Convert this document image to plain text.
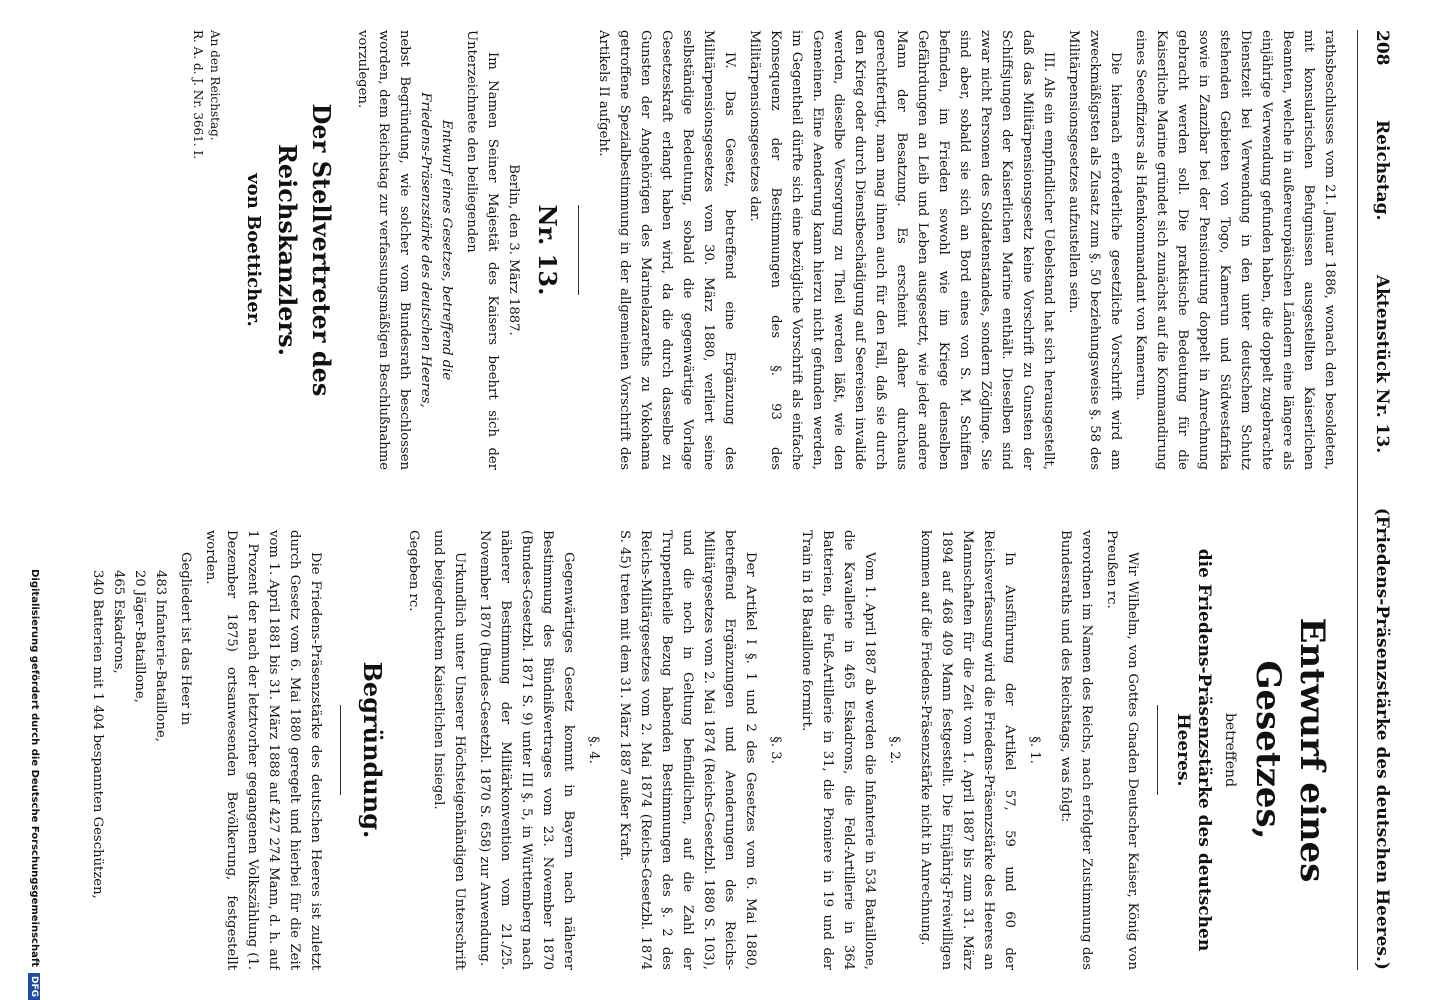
208
Reichstag.
Aktenstück Nr. 13.
(Friedens-Präsenzstärke des deutschen Heeres.)

rathsbeschlusses vom 21. Januar 1886, wonach den besoldeten, mit konsularischen Befugnissen ausgestellten Kaiserlichen Beamten, welche in außereuropäischen Ländern eine längere als einjährige Verwendung gefunden haben, die doppelt zugebrachte Dienstzeit bei Verwendung in den unter deutschem Schutz stehenden Gebieten von Togo, Kamerun und Südwestafrika sowie in Zanzibar bei der Pensionirung doppelt in Anrechnung gebracht werden soll. Die praktische Bedeutung für die Kaiserliche Marine gründet sich zunächst auf die Kommandirung eines Seeoffiziers als Hafenkommandant von Kamerun.

Die hiernach erforderliche gesetzliche Vorschrift wird am zweckmäßigsten als Zusatz zum §. 50 beziehungsweise §. 58 des Militärpensionsgesetzes aufzustellen sein.

III. Als ein empfindlicher Uebelstand hat sich herausgestellt, daß das Militärpensionsgesetz keine Vorschrift zu Gunsten der Schiffsjungen der Kaiserlichen Marine enthält. Dieselben sind zwar nicht Personen des Soldatenstandes, sondern Zöglinge. Sie sind aber, sobald sie sich an Bord eines von S. M. Schiffen befinden, im Frieden sowohl wie im Kriege denselben Gefährdungen an Leib und Leben ausgesetzt, wie jeder andere Mann der Besatzung. Es erscheint daher durchaus gerechtfertigt, man mag ihnen auch für den Fall, daß sie durch den Krieg oder durch Dienstbeschädigung auf Seereisen invalide werden, dieselbe Versorgung zu Theil werden läßt, wie den Gemeinen. Eine Aenderung kann hierzu nicht gefunden werden, im Gegentheil dürfte sich eine bezügliche Vorschrift als einfache Konsequenz der Bestimmungen des §. 93 des Militärpensionsgesetzes dar.

IV. Das Gesetz, betreffend eine Ergänzung des Militärpensionsgesetzes vom 30. März 1880, verliert seine selbständige Bedeutung, sobald die gegenwärtige Vorlage Gesetzeskraft erlangt haben wird, da die durch dasselbe zu Gunsten der Angehörigen des Marinelazareths zu Yokohama getroffene Spezialbestimmung in der allgemeinen Vorschrift des Artikels II aufgeht.

Nr. 13.
Berlin, den 3. März 1887.

Im Namen Seiner Majestät des Kaisers beehrt sich der Unterzeichnete den beiliegenden

Entwurf eines Gesetzes, betreffend die
Friedens-Präsenzstärke des deutschen Heeres,

nebst Begründung, wie solcher vom Bundesrath beschlossen worden, dem Reichstag zur verfassungsmäßigen Beschlußnahme vorzulegen.

Der Stellvertreter des Reichskanzlers.
von Boetticher.
An den Reichstag.
R. A. d. J. Nr. 3661. I.
Entwurf eines Gesetzes,
betreffend
die Friedens-Präsenzstärke des deutschen Heeres.

Wir Wilhelm, von Gottes Gnaden Deutscher Kaiser, König von Preußen rc.

verordnen im Namen des Reichs, nach erfolgter Zustimmung des Bundesraths und des Reichstags, was folgt:

§. 1.

In Ausführung der Artikel 57, 59 und 60 der Reichsverfassung wird die Friedens-Präsenzstärke des Heeres an Mannschaften für die Zeit vom 1. April 1887 bis zum 31. März 1894 auf 468 409 Mann festgestellt. Die Einjährig-Freiwilligen kommen auf die Friedens-Präsenzstärke nicht in Anrechnung.

§. 2.

Vom 1. April 1887 ab werden die Infanterie in 534 Bataillone, die Kavallerie in 465 Eskadrons, die Feld-Artillerie in 364 Batterien, die Fuß-Artillerie in 31, die Pioniere in 19 und der Train in 18 Bataillone formirt.

§. 3.

Der Artikel I §. 1 und 2 des Gesetzes vom 6. Mai 1880, betreffend Ergänzungen und Aenderungen des Reichs-Militärgesetzes vom 2. Mai 1874 (Reichs-Gesetzbl. 1880 S. 103), und die noch in Geltung befindlichen, auf die Zahl der Truppentheile Bezug habenden Bestimmungen des §. 2 des Reichs-Militärgesetzes vom 2. Mai 1874 (Reichs-Gesetzbl. 1874 S. 45) treten mit dem 31. März 1887 außer Kraft.

§. 4.

Gegenwärtiges Gesetz kommt in Bayern nach näherer Bestimmung des Bündnißvertrages vom 23. November 1870 (Bundes-Gesetzbl. 1871 S. 9) unter III §. 5, in Württemberg nach näherer Bestimmung der Militärkonvention vom 21./25. November 1870 (Bundes-Gesetzbl. 1870 S. 658) zur Anwendung.

Urkundlich unter Unserer Höchsteigenhändigen Unterschrift und beigedrucktem Kaiserlichen Insiegel.

Gegeben rc.

Begründung.

Die Friedens-Präsenzstärke des deutschen Heeres ist zuletzt durch Gesetz vom 6. Mai 1880 geregelt und hierbei für die Zeit vom 1. April 1881 bis 31. März 1888 auf 427 274 Mann, d. h. auf 1 Prozent der nach der letztvorher gegangenen Volkszählung (1. Dezember 1875) ortsanwesenden Bevölkerung, festgestellt worden.

Gegliedert ist das Heer in

483 Infanterie-Bataillone,

20 Jäger-Bataillone,

465 Eskadrons,

340 Batterien mit 1 404 bespannten Geschützen,

Digitalisierung gefördert durch die Deutsche ForschungsgemeinschaftDFG
